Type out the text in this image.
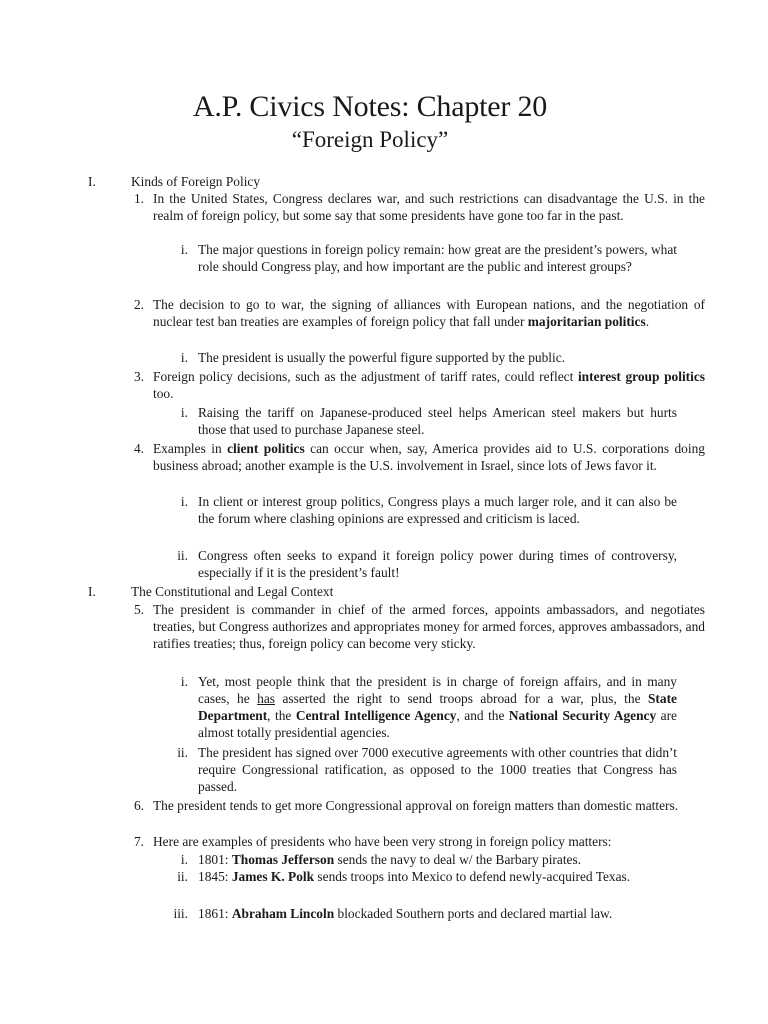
A.P. Civics Notes: Chapter 20
“Foreign Policy”
I.	Kinds of Foreign Policy
1. In the United States, Congress declares war, and such restrictions can disadvantage the U.S. in the realm of foreign policy, but some say that some presidents have gone too far in the past.
i. The major questions in foreign policy remain: how great are the president’s powers, what role should Congress play, and how important are the public and interest groups?
2. The decision to go to war, the signing of alliances with European nations, and the negotiation of nuclear test ban treaties are examples of foreign policy that fall under majoritarian politics.
i. The president is usually the powerful figure supported by the public.
3. Foreign policy decisions, such as the adjustment of tariff rates, could reflect interest group politics too.
i. Raising the tariff on Japanese-produced steel helps American steel makers but hurts those that used to purchase Japanese steel.
4. Examples in client politics can occur when, say, America provides aid to U.S. corporations doing business abroad; another example is the U.S. involvement in Israel, since lots of Jews favor it.
i. In client or interest group politics, Congress plays a much larger role, and it can also be the forum where clashing opinions are expressed and criticism is laced.
ii. Congress often seeks to expand it foreign policy power during times of controversy, especially if it is the president’s fault!
I.	The Constitutional and Legal Context
5. The president is commander in chief of the armed forces, appoints ambassadors, and negotiates treaties, but Congress authorizes and appropriates money for armed forces, approves ambassadors, and ratifies treaties; thus, foreign policy can become very sticky.
i. Yet, most people think that the president is in charge of foreign affairs, and in many cases, he has asserted the right to send troops abroad for a war, plus, the State Department, the Central Intelligence Agency, and the National Security Agency are almost totally presidential agencies.
ii. The president has signed over 7000 executive agreements with other countries that didn’t require Congressional ratification, as opposed to the 1000 treaties that Congress has passed.
6. The president tends to get more Congressional approval on foreign matters than domestic matters.
7. Here are examples of presidents who have been very strong in foreign policy matters:
i. 1801: Thomas Jefferson sends the navy to deal w/ the Barbary pirates.
ii. 1845: James K. Polk sends troops into Mexico to defend newly-acquired Texas.
iii. 1861: Abraham Lincoln blockaded Southern ports and declared martial law.
